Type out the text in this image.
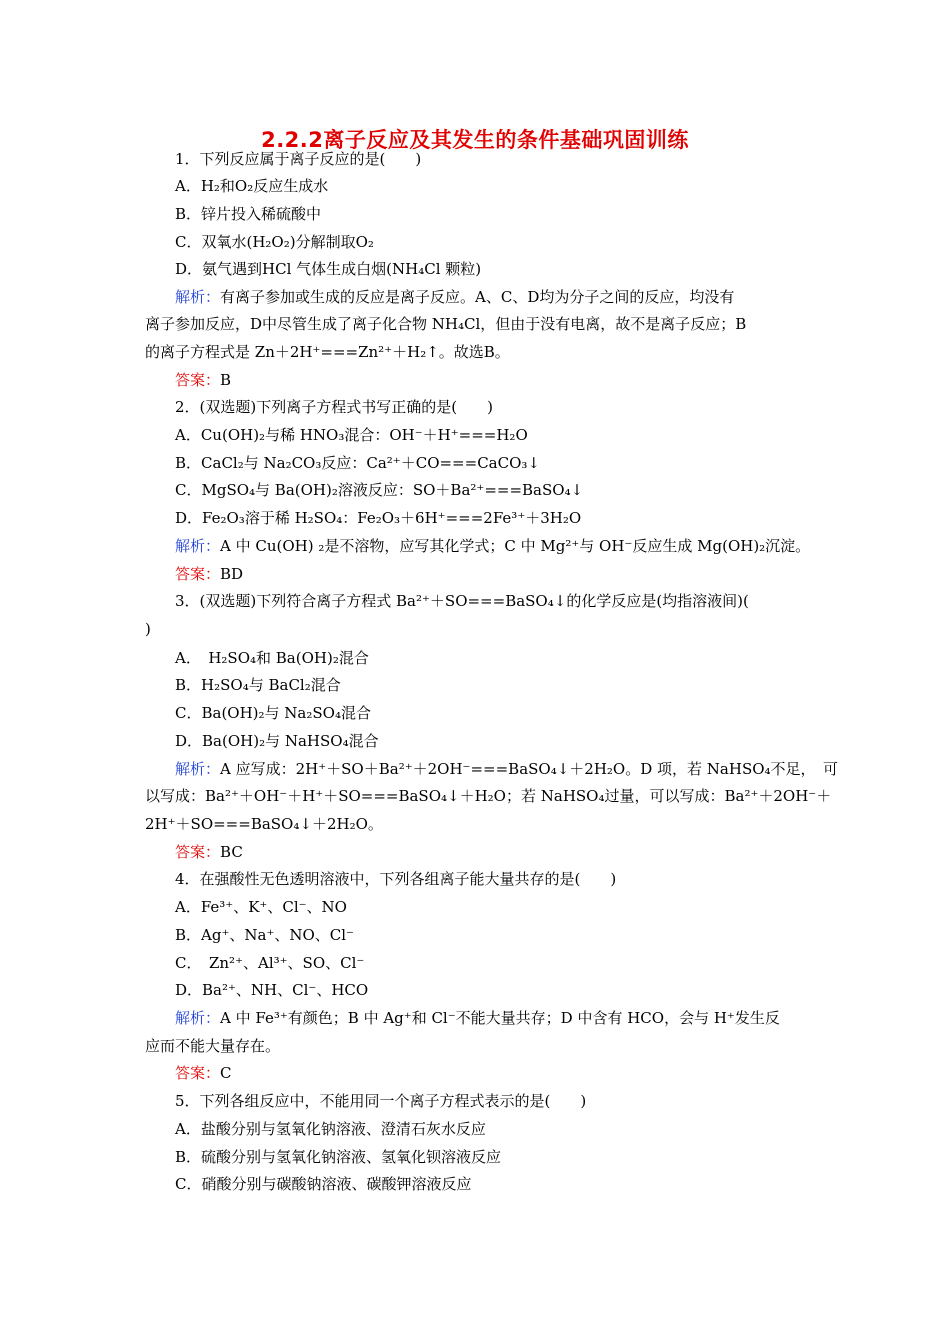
2.2.2离子反应及其发生的条件基础巩固训练
1．下列反应属于离子反应的是(　　)
A．H₂和O₂反应生成水
B．锌片投入稀硫酸中
C．双氧水(H₂O₂)分解制取O₂
D．氨气遇到HCl 气体生成白烟(NH₄Cl 颗粒)
解析：有离子参加或生成的反应是离子反应。A、C、D均为分子之间的反应，均没有
离子参加反应，D中尽管生成了离子化合物 NH₄Cl，但由于没有电离，故不是离子反应；B
的离子方程式是 Zn＋2H⁺===Zn²⁺＋H₂↑。故选B。
答案：B
2．(双选题)下列离子方程式书写正确的是(　　)
A．Cu(OH)₂与稀 HNO₃混合：OH⁻＋H⁺===H₂O
B．CaCl₂与 Na₂CO₃反应：Ca²⁺＋CO===CaCO₃↓
C．MgSO₄与 Ba(OH)₂溶液反应：SO＋Ba²⁺===BaSO₄↓
D．Fe₂O₃溶于稀 H₂SO₄：Fe₂O₃＋6H⁺===2Fe³⁺＋3H₂O
解析：A 中 Cu(OH) ₂是不溶物，应写其化学式；C 中 Mg²⁺与 OH⁻反应生成 Mg(OH)₂沉淀。
答案：BD
3．(双选题)下列符合离子方程式 Ba²⁺＋SO===BaSO₄↓的化学反应是(均指溶液间)(
)
A．　H₂SO₄和 Ba(OH)₂混合
B．H₂SO₄与 BaCl₂混合
C．Ba(OH)₂与 Na₂SO₄混合
D．Ba(OH)₂与 NaHSO₄混合
解析：A 应写成：2H⁺＋SO＋Ba²⁺＋2OH⁻===BaSO₄↓＋2H₂O。D 项，若 NaHSO₄不足，　可
以写成：Ba²⁺＋OH⁻＋H⁺＋SO===BaSO₄↓＋H₂O；若 NaHSO₄过量，可以写成：Ba²⁺＋2OH⁻＋
2H⁺＋SO===BaSO₄↓＋2H₂O。
答案：BC
4．在强酸性无色透明溶液中，下列各组离子能大量共存的是(　　)
A．Fe³⁺、K⁺、Cl⁻、NO
B．Ag⁺、Na⁺、NO、Cl⁻
C．　Zn²⁺、Al³⁺、SO、Cl⁻
D．Ba²⁺、NH、Cl⁻、HCO
解析：A 中 Fe³⁺有颜色；B 中 Ag⁺和 Cl⁻不能大量共存；D 中含有 HCO，会与 H⁺发生反
应而不能大量存在。
答案：C
5．下列各组反应中，不能用同一个离子方程式表示的是(　　)
A．盐酸分别与氢氧化钠溶液、澄清石灰水反应
B．硫酸分别与氢氧化钠溶液、氢氧化钡溶液反应
C．硝酸分别与碳酸钠溶液、碳酸钾溶液反应
